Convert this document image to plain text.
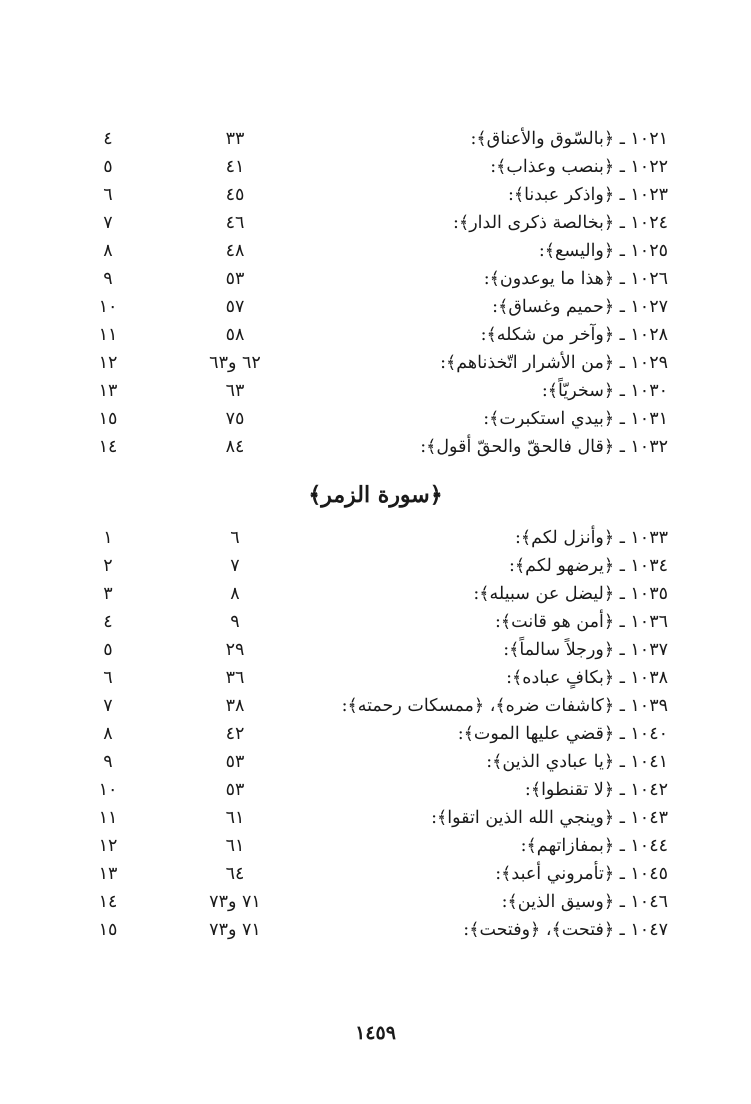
١٠٢١ ـ ﴿بالسّوق والأعناق﴾:
٣٣
٤
١٠٢٢ ـ ﴿بنصب وعذاب﴾:
٤١
٥
١٠٢٣ ـ ﴿واذكر عبدنا﴾:
٤٥
٦
١٠٢٤ ـ ﴿بخالصة ذكرى الدار﴾:
٤٦
٧
١٠٢٥ ـ ﴿واليسع﴾:
٤٨
٨
١٠٢٦ ـ ﴿هذا ما يوعدون﴾:
٥٣
٩
١٠٢٧ ـ ﴿حميم وغساق﴾:
٥٧
١٠
١٠٢٨ ـ ﴿وآخر من شكله﴾:
٥٨
١١
١٠٢٩ ـ ﴿من الأشرار اتّخذناهم﴾:
٦٢ و٦٣
١٢
١٠٣٠ ـ ﴿سخريّاً﴾:
٦٣
١٣
١٠٣١ ـ ﴿بيدي استكبرت﴾:
٧٥
١٥
١٠٣٢ ـ ﴿قال فالحقّ والحقّ أقول﴾:
٨٤
١٤
﴿سورة الزمر﴾
١٠٣٣ ـ ﴿وأنزل لكم﴾:
٦
١
١٠٣٤ ـ ﴿يرضهو لكم﴾:
٧
٢
١٠٣٥ ـ ﴿ليضل عن سبيله﴾:
٨
٣
١٠٣٦ ـ ﴿أمن هو قانت﴾:
٩
٤
١٠٣٧ ـ ﴿ورجلاً سالماً﴾:
٢٩
٥
١٠٣٨ ـ ﴿بكافٍ عباده﴾:
٣٦
٦
١٠٣٩ ـ ﴿كاشفات ضره﴾، ﴿ممسكات رحمته﴾:
٣٨
٧
١٠٤٠ ـ ﴿قضي عليها الموت﴾:
٤٢
٨
١٠٤١ ـ ﴿يا عبادي الذين﴾:
٥٣
٩
١٠٤٢ ـ ﴿لا تقنطوا﴾:
٥٣
١٠
١٠٤٣ ـ ﴿وينجي الله الذين اتقوا﴾:
٦١
١١
١٠٤٤ ـ ﴿بمفازاتهم﴾:
٦١
١٢
١٠٤٥ ـ ﴿تأمروني أعبد﴾:
٦٤
١٣
١٠٤٦ ـ ﴿وسيق الذين﴾:
٧١ و٧٣
١٤
١٠٤٧ ـ ﴿فتحت﴾، ﴿وفتحت﴾:
٧١ و٧٣
١٥
١٤٥٩
